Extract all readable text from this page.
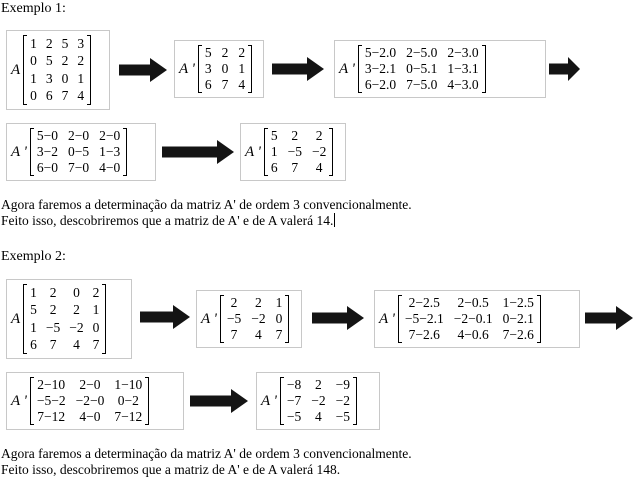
Exemplo 1:
A
1 2 5 3
0 5 2 2
1 3 0 1
0 6 7 4
A '
5 2 2
3 0 1
6 7 4
A '
5−2.0 2−5.0 2−3.0
3−2.1 0−5.1 1−3.1
6−2.0 7−5.0 4−3.0
A '
5−0 2−0 2−0
3−2 0−5 1−3
6−0 7−0 4−0
A '
5 2 2
1 −5 −2
6 7 4
Agora faremos a determinação da matriz A' de ordem 3 convencionalmente.
Feito isso, descobriremos que a matriz de A' e de A valerá 14.
Exemplo 2:
A
1 2 0 2
5 2 2 1
1 −5 −2 0
6 7 4 7
A '
2 2 1
−5 −2 0
7 4 7
A '
2−2.5 2−0.5 1−2.5
−5−2.1 −2−0.1 0−2.1
7−2.6 4−0.6 7−2.6
A '
2−10 2−0 1−10
−5−2 −2−0 0−2
7−12 4−0 7−12
A '
−8 2 −9
−7 −2 −2
−5 4 −5
Agora faremos a determinação da matriz A' de ordem 3 convencionalmente.
Feito isso, descobriremos que a matriz de A' e de A valerá 148.
